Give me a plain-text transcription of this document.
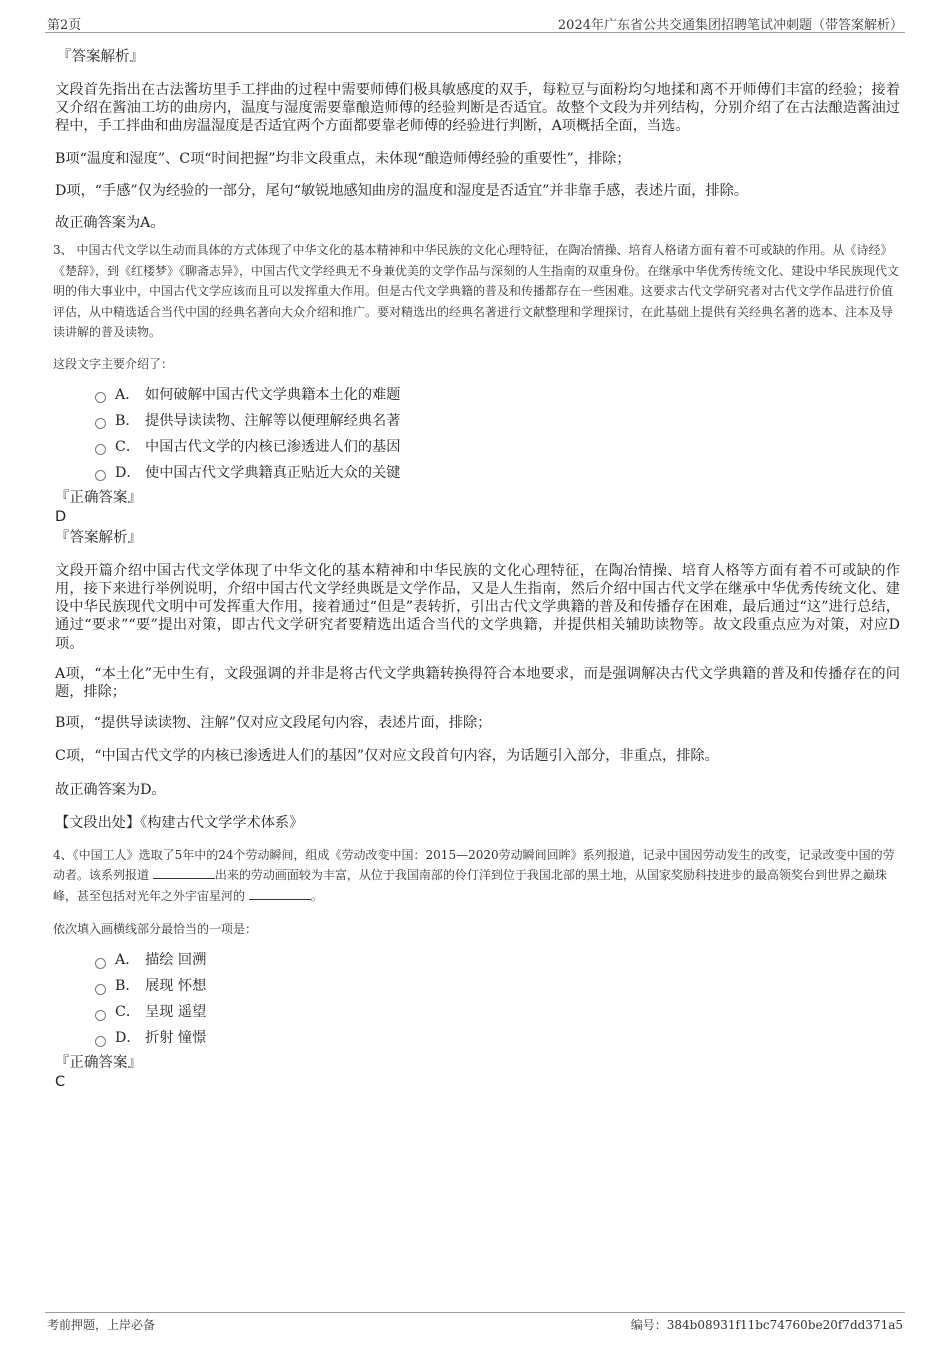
第2页	2024年广东省公共交通集团招聘笔试冲刺题（带答案解析）

『答案解析』

文段首先指出在古法酱坊里手工拌曲的过程中需要师傅们极具敏感度的双手，每粒豆与面粉均匀地揉和离不开师傅们丰富的经验；接着又介绍在酱油工坊的曲房内，温度与湿度需要靠酿造师傅的经验判断是否适宜。故整个文段为并列结构，分别介绍了在古法酿造酱油过程中，手工拌曲和曲房温湿度是否适宜两个方面都要靠老师傅的经验进行判断，A项概括全面，当选。

B项“温度和湿度”、C项“时间把握”均非文段重点，未体现“酿造师傅经验的重要性”，排除；

D项，“手感”仅为经验的一部分，尾句“敏锐地感知曲房的温度和湿度是否适宜”并非靠手感，表述片面，排除。

故正确答案为A。

3、 中国古代文学以生动而具体的方式体现了中华文化的基本精神和中华民族的文化心理特征，在陶冶情操、培育人格诸方面有着不可或缺的作用。从《诗经》《楚辞》，到《红楼梦》《聊斋志异》，中国古代文学经典无不身兼优美的文学作品与深刻的人生指南的双重身份。在继承中华优秀传统文化、建设中华民族现代文明的伟大事业中，中国古代文学应该而且可以发挥重大作用。但是古代文学典籍的普及和传播都存在一些困难。这要求古代文学研究者对古代文学作品进行价值评估，从中精选适合当代中国的经典名著向大众介绍和推广。要对精选出的经典名著进行文献整理和学理探讨，在此基础上提供有关经典名著的选本、注本及导读讲解的普及读物。

这段文字主要介绍了：

A． 如何破解中国古代文学典籍本土化的难题
B． 提供导读读物、注解等以便理解经典名著
C． 中国古代文学的内核已渗透进人们的基因
D． 使中国古代文学典籍真正贴近大众的关键

『正确答案』

D

『答案解析』

文段开篇介绍中国古代文学体现了中华文化的基本精神和中华民族的文化心理特征，在陶冶情操、培育人格等方面有着不可或缺的作用，接下来进行举例说明，介绍中国古代文学经典既是文学作品，又是人生指南，然后介绍中国古代文学在继承中华优秀传统文化、建设中华民族现代文明中可发挥重大作用，接着通过“但是”表转折，引出古代文学典籍的普及和传播存在困难，最后通过“这”进行总结，通过“要求”“要”提出对策，即古代文学研究者要精选出适合当代的文学典籍，并提供相关辅助读物等。故文段重点应为对策，对应D项。

A项，“本土化”无中生有，文段强调的并非是将古代文学典籍转换得符合本地要求，而是强调解决古代文学典籍的普及和传播存在的问题，排除；

B项，“提供导读读物、注解”仅对应文段尾句内容，表述片面，排除；

C项，“中国古代文学的内核已渗透进人们的基因”仅对应文段首句内容，为话题引入部分，非重点，排除。

故正确答案为D。

【文段出处】《构建古代文学学术体系》

4、《中国工人》选取了5年中的24个劳动瞬间，组成《劳动改变中国：2015—2020劳动瞬间回眸》系列报道，记录中国因劳动发生的改变，记录改变中国的劳动者。该系列报道	出来的劳动画面较为丰富，从位于我国南部的伶仃洋到位于我国北部的黑土地，从国家奖励科技进步的最高领奖台到世界之巅珠峰，甚至包括对光年之外宇宙星河的	。

依次填入画横线部分最恰当的一项是：

A． 描绘 回溯
B． 展现 怀想
C． 呈现 遥望
D． 折射 憧憬

『正确答案』

C

考前押题，上岸必备	编号：384b08931f11bc74760be20f7dd371a5
